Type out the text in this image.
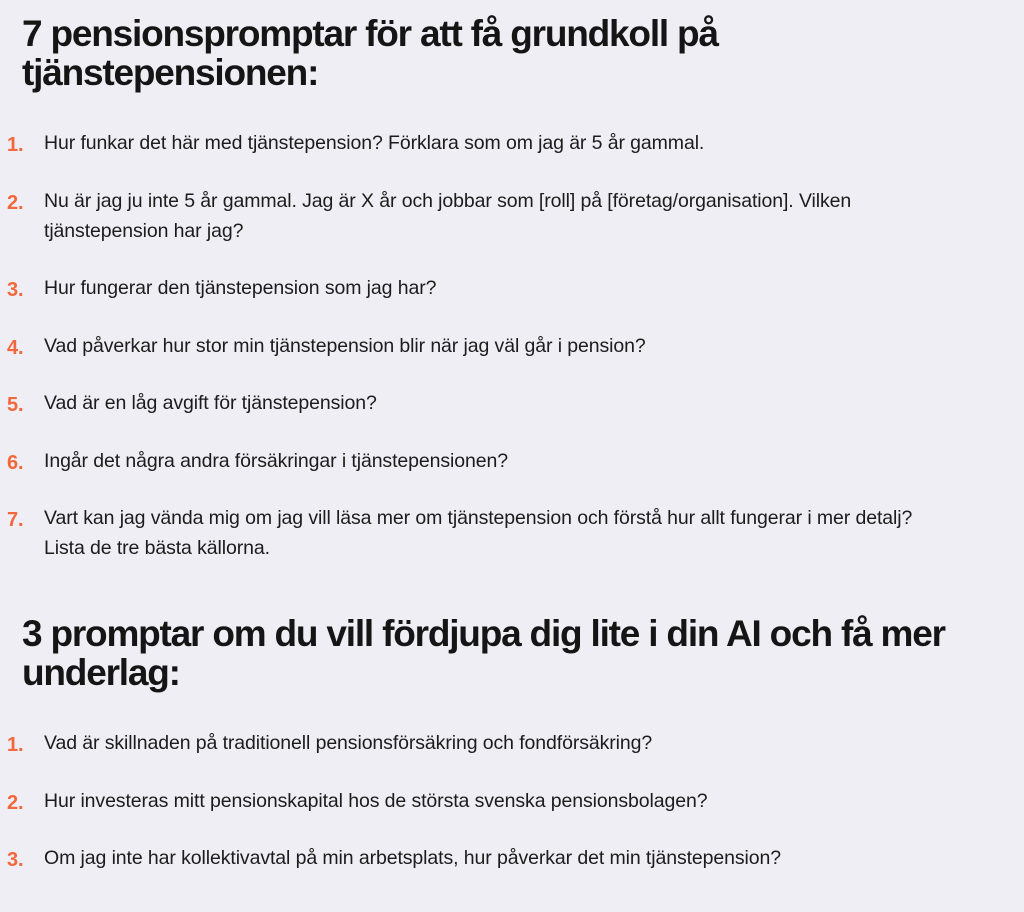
7 pensionspromptar för att få grundkoll på tjänstepensionen:
1. Hur funkar det här med tjänstepension? Förklara som om jag är 5 år gammal.
2. Nu är jag ju inte 5 år gammal. Jag är X år och jobbar som [roll] på [företag/organisation]. Vilken tjänstepension har jag?
3. Hur fungerar den tjänstepension som jag har?
4. Vad påverkar hur stor min tjänstepension blir när jag väl går i pension?
5. Vad är en låg avgift för tjänstepension?
6. Ingår det några andra försäkringar i tjänstepensionen?
7. Vart kan jag vända mig om jag vill läsa mer om tjänstepension och förstå hur allt fungerar i mer detalj? Lista de tre bästa källorna.
3 promptar om du vill fördjupa dig lite i din AI och få mer underlag:
1. Vad är skillnaden på traditionell pensionsförsäkring och fondförsäkring?
2. Hur investeras mitt pensionskapital hos de största svenska pensionsbolagen?
3. Om jag inte har kollektivavtal på min arbetsplats, hur påverkar det min tjänstepension?
